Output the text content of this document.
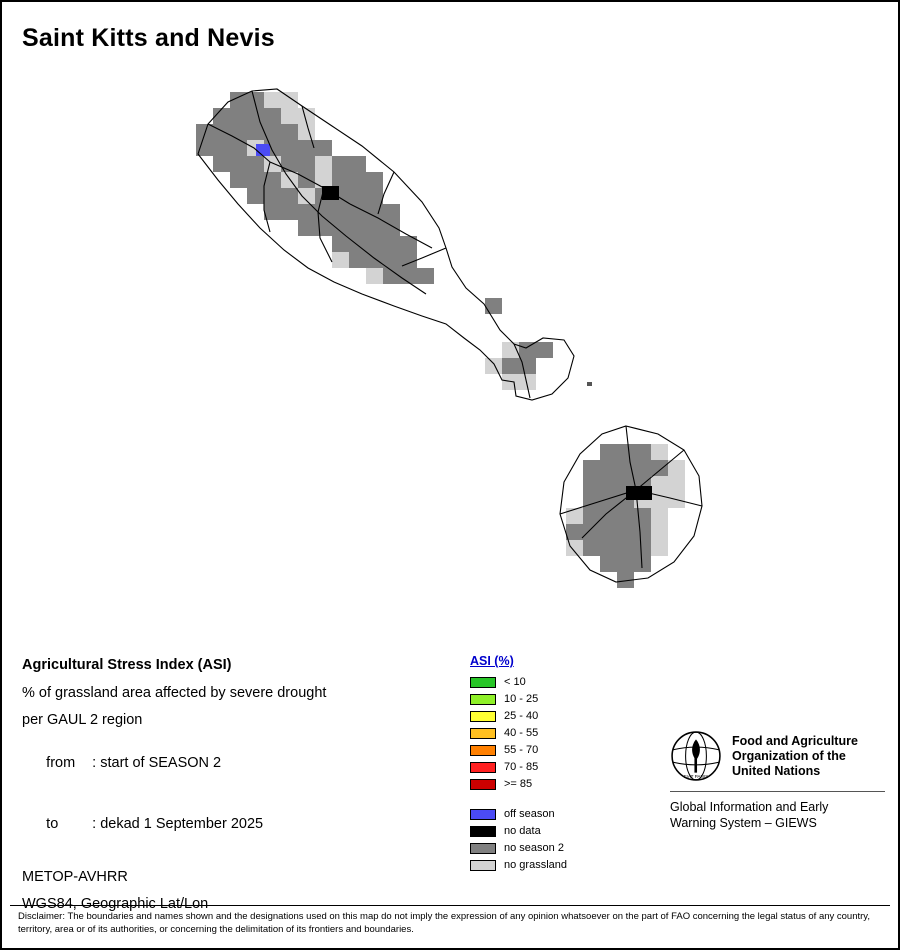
Saint Kitts and Nevis
Agricultural Stress Index (ASI)
% of grassland area affected by severe drought
per GAUL 2 region

from : start of SEASON 2

to : dekad 1 September 2025

METOP-AVHRR
WGS84, Geographic Lat/Lon
ASI (%)
< 10
10 - 25
25 - 40
40 - 55
55 - 70
70 - 85
>= 85
off season
no data
no season 2
no grassland
FIAT PANIS
Food and Agriculture
Organization of the
United Nations
Global Information and Early
Warning System – GIEWS
Disclaimer: The boundaries and names shown and the designations used on this map do not imply the expression of any opinion whatsoever on the part of FAO concerning the legal status of any country, territory, area or of its authorities, or concerning the delimitation of its frontiers and boundaries.
